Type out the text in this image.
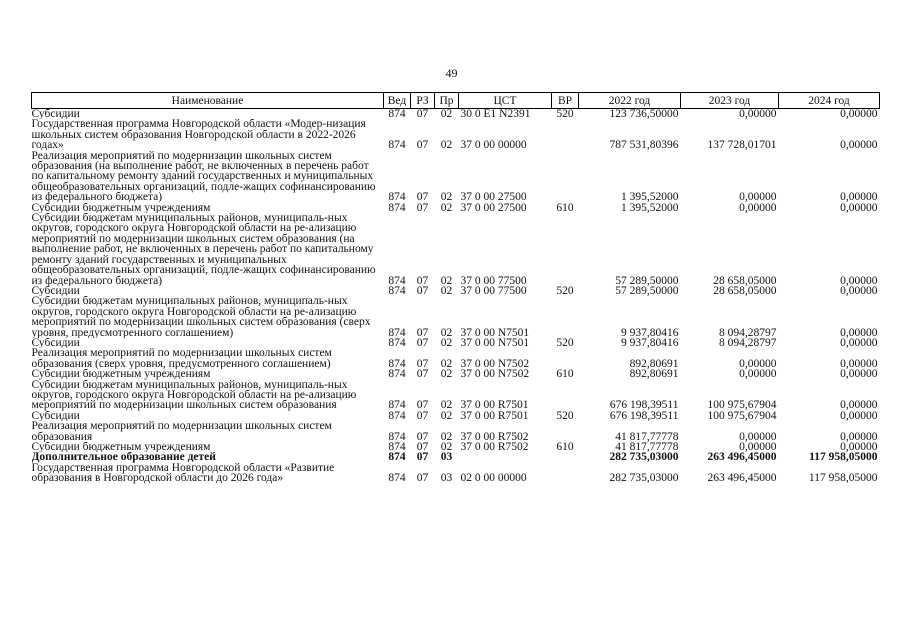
49
Наименование	Вед	РЗ	Пр	ЦСТ	ВР	2022 год	2023 год	2024 год
Субсидии	874	07	02	30 0 E1 N2391	520	123 736,50000	0,00000	0,00000
Государственная программа Новгородской области «Модер-низация школьных систем образования Новгородской области в 2022-2026 годах»	874	07	02	37 0 00 00000		787 531,80396	137 728,01701	0,00000
Реализация мероприятий по модернизации школьных систем образования (на выполнение работ, не включенных в перечень работ по капитальному ремонту зданий государственных и муниципальных общеобразовательных организаций, подле-жащих софинансированию из федерального бюджета)	874	07	02	37 0 00 27500		1 395,52000	0,00000	0,00000
Субсидии бюджетным учреждениям	874	07	02	37 0 00 27500	610	1 395,52000	0,00000	0,00000
Субсидии бюджетам муниципальных районов, муниципаль-ных округов, городского округа Новгородской области на ре-ализацию мероприятий по модернизации школьных систем образования (на выполнение работ, не включенных в перечень работ по капитальному ремонту зданий государственных и муниципальных общеобразовательных организаций, подле-жащих софинансированию из федерального бюджета)	874	07	02	37 0 00 77500		57 289,50000	28 658,05000	0,00000
Субсидии	874	07	02	37 0 00 77500	520	57 289,50000	28 658,05000	0,00000
Субсидии бюджетам муниципальных районов, муниципаль-ных округов, городского округа Новгородской области на ре-ализацию мероприятий по модернизации школьных систем образования (сверх уровня, предусмотренного соглашением)	874	07	02	37 0 00 N7501		9 937,80416	8 094,28797	0,00000
Субсидии	874	07	02	37 0 00 N7501	520	9 937,80416	8 094,28797	0,00000
Реализация мероприятий по модернизации школьных систем образования (сверх уровня, предусмотренного соглашением)	874	07	02	37 0 00 N7502		892,80691	0,00000	0,00000
Субсидии бюджетным учреждениям	874	07	02	37 0 00 N7502	610	892,80691	0,00000	0,00000
Субсидии бюджетам муниципальных районов, муниципаль-ных округов, городского округа Новгородской области на ре-ализацию мероприятий по модернизации школьных систем образования	874	07	02	37 0 00 R7501		676 198,39511	100 975,67904	0,00000
Субсидии	874	07	02	37 0 00 R7501	520	676 198,39511	100 975,67904	0,00000
Реализация мероприятий по модернизации школьных систем образования	874	07	02	37 0 00 R7502		41 817,77778	0,00000	0,00000
Субсидии бюджетным учреждениям	874	07	02	37 0 00 R7502	610	41 817,77778	0,00000	0,00000
Дополнительное образование детей	874	07	03			282 735,03000	263 496,45000	117 958,05000
Государственная программа Новгородской области «Развитие образования в Новгородской области до 2026 года»	874	07	03	02 0 00 00000		282 735,03000	263 496,45000	117 958,05000
